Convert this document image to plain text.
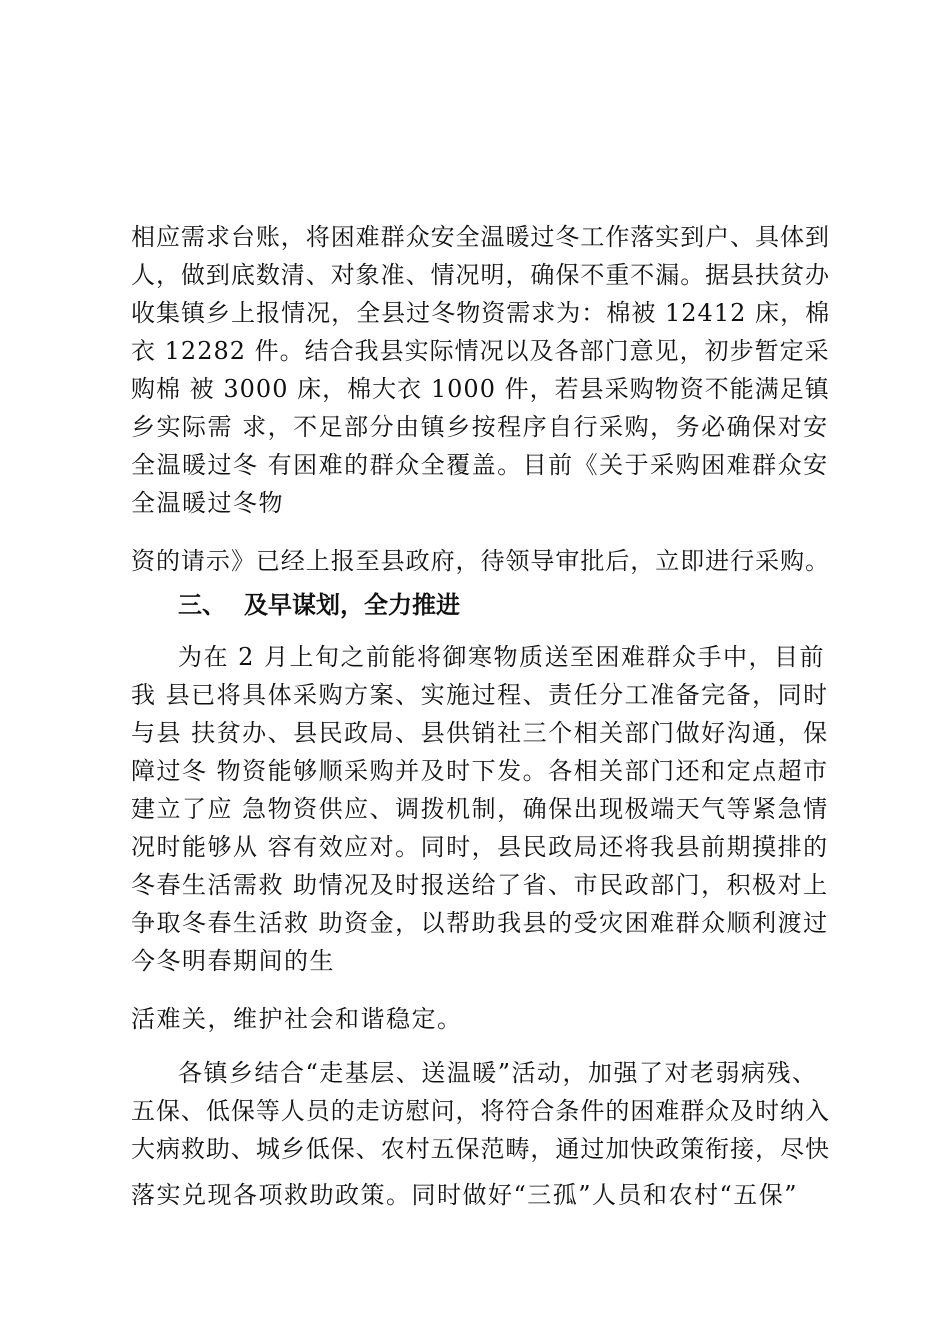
相应需求台账，将困难群众安全温暖过冬工作落实到户、具体到
人，做到底数清、对象准、情况明，确保不重不漏。据县扶贫办
收集镇乡上报情况，全县过冬物资需求为：棉被 12412 床，棉
衣 12282 件。结合我县实际情况以及各部门意见，初步暂定采
购棉 被 3000 床，棉大衣 1000 件，若县采购物资不能满足镇
乡实际需 求，不足部分由镇乡按程序自行采购，务必确保对安
全温暖过冬 有困难的群众全覆盖。目前《关于采购困难群众安
全温暖过冬物
资的请示》已经上报至县政府，待领导审批后，立即进行采购。
三、 及早谋划，全力推进
为在 2 月上旬之前能将御寒物质送至困难群众手中，目前
我 县已将具体采购方案、实施过程、责任分工准备完备，同时
与县 扶贫办、县民政局、县供销社三个相关部门做好沟通，保
障过冬 物资能够顺采购并及时下发。各相关部门还和定点超市
建立了应 急物资供应、调拨机制，确保出现极端天气等紧急情
况时能够从 容有效应对。同时，县民政局还将我县前期摸排的
冬春生活需救 助情况及时报送给了省、市民政部门，积极对上
争取冬春生活救 助资金，以帮助我县的受灾困难群众顺利渡过
今冬明春期间的生
活难关，维护社会和谐稳定。
各镇乡结合“走基层、送温暖”活动，加强了对老弱病残、
五保、低保等人员的走访慰问，将符合条件的困难群众及时纳入
大病救助、城乡低保、农村五保范畴，通过加快政策衔接，尽快
落实兑现各项救助政策。同时做好“三孤”人员和农村“五保”
